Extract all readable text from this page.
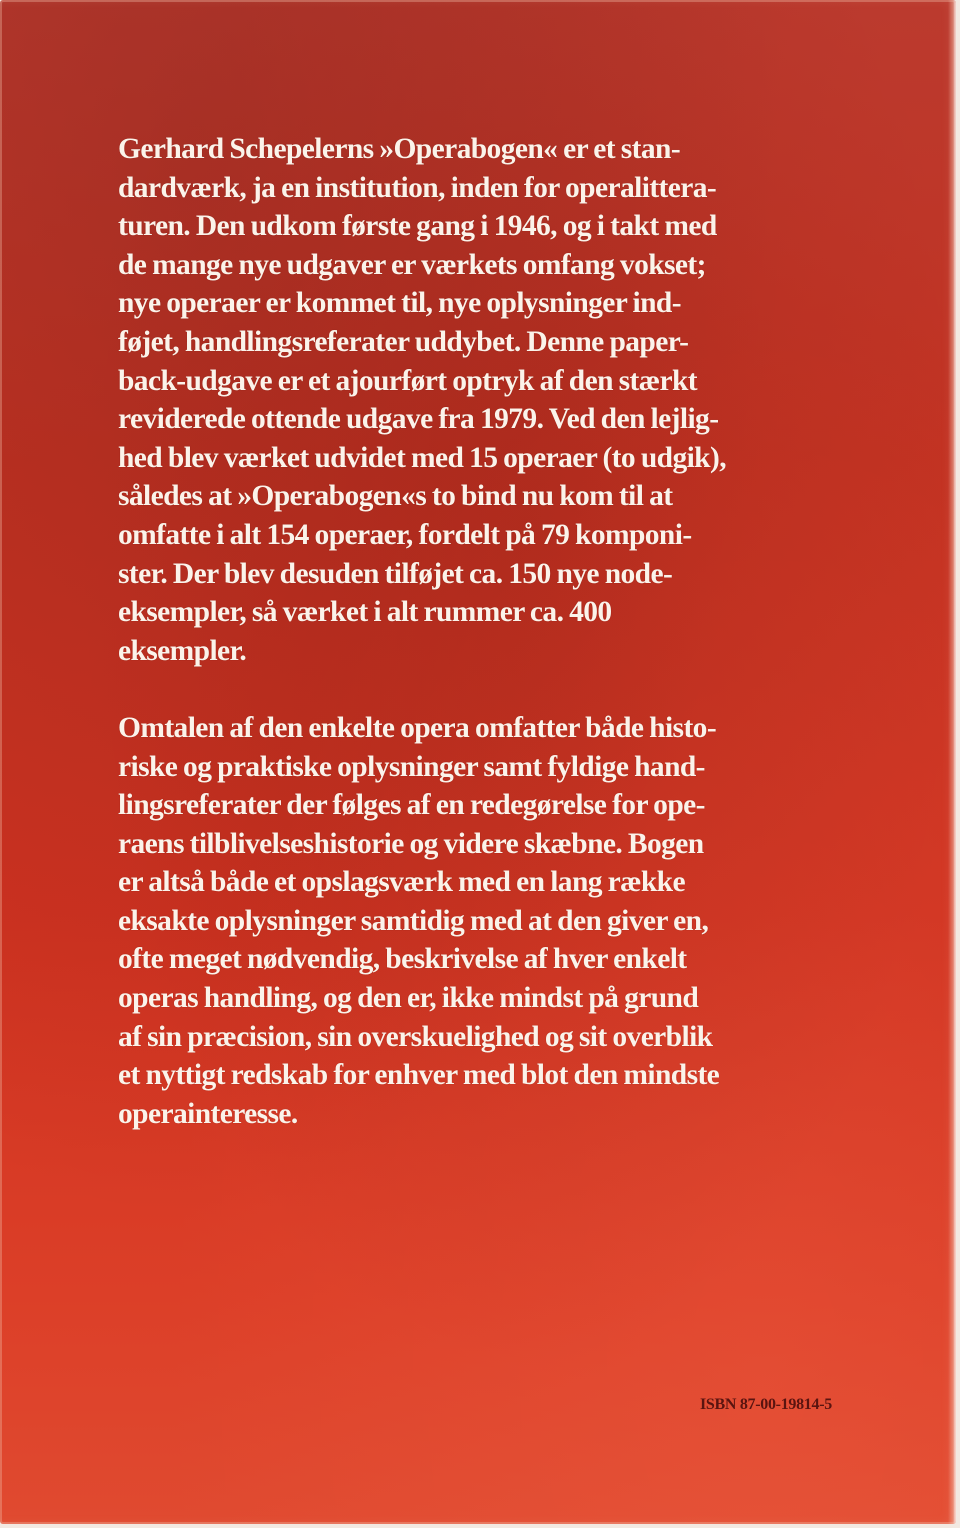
Gerhard Schepelerns »Operabogen« er et stan-
dardværk, ja en institution, inden for operalittera-
turen. Den udkom første gang i 1946, og i takt med
de mange nye udgaver er værkets omfang vokset;
nye operaer er kommet til, nye oplysninger ind-
føjet, handlingsreferater uddybet. Denne paper-
back-udgave er et ajourført optryk af den stærkt
reviderede ottende udgave fra 1979. Ved den lejlig-
hed blev værket udvidet med 15 operaer (to udgik),
således at »Operabogen«s to bind nu kom til at
omfatte i alt 154 operaer, fordelt på 79 komponi-
ster. Der blev desuden tilføjet ca. 150 nye node-
eksempler, så værket i alt rummer ca. 400
eksempler.

Omtalen af den enkelte opera omfatter både histo-
riske og praktiske oplysninger samt fyldige hand-
lingsreferater der følges af en redegørelse for ope-
raens tilblivelseshistorie og videre skæbne. Bogen
er altså både et opslagsværk med en lang række
eksakte oplysninger samtidig med at den giver en,
ofte meget nødvendig, beskrivelse af hver enkelt
operas handling, og den er, ikke mindst på grund
af sin præcision, sin overskuelighed og sit overblik
et nyttigt redskab for enhver med blot den mindste
operainteresse.

ISBN 87-00-19814-5
